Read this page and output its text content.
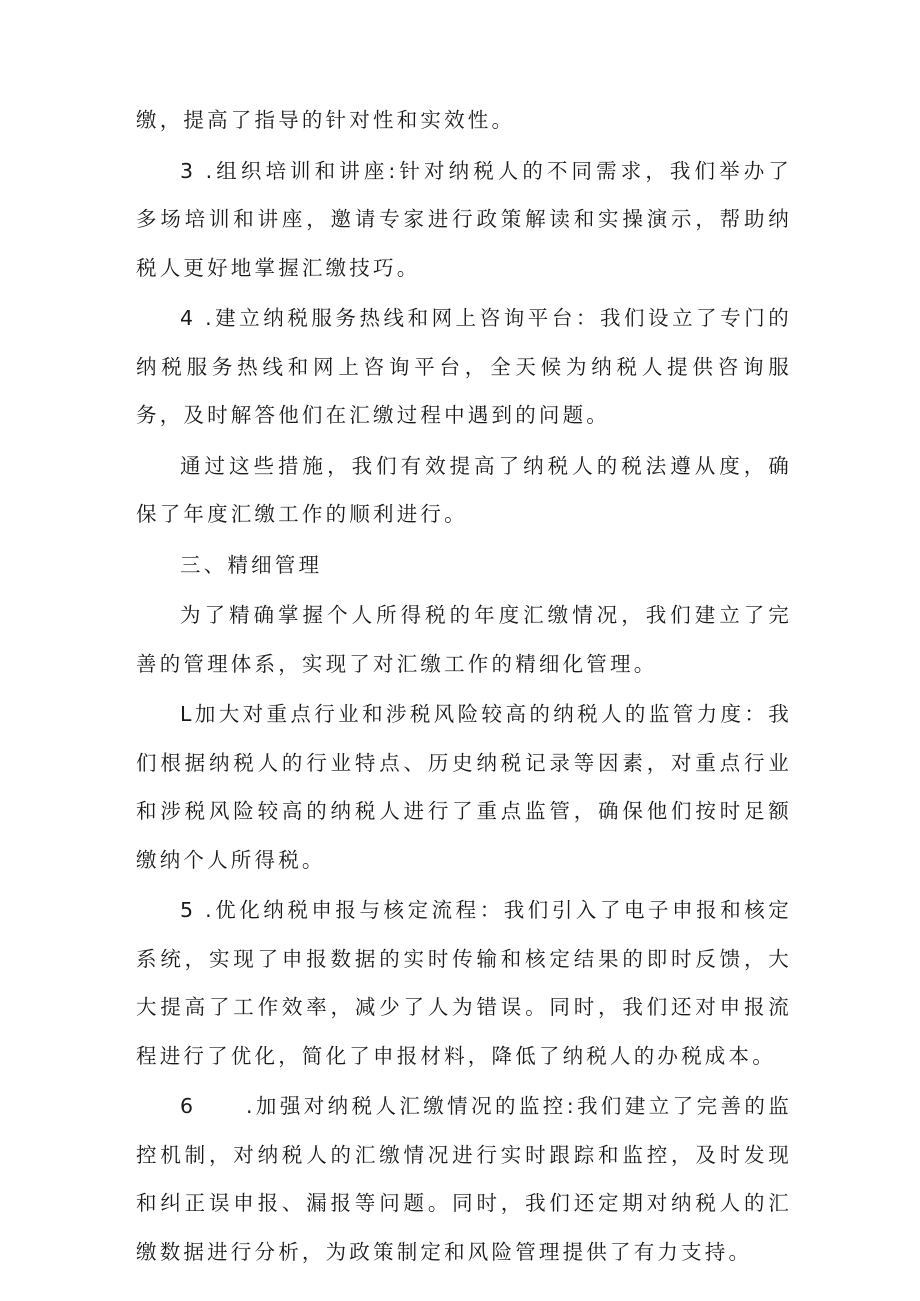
缴，提高了指导的针对性和实效性。

3 .组织培训和讲座:针对纳税人的不同需求，我们举办了多场培训和讲座，邀请专家进行政策解读和实操演示，帮助纳税人更好地掌握汇缴技巧。

4 .建立纳税服务热线和网上咨询平台：我们设立了专门的纳税服务热线和网上咨询平台，全天候为纳税人提供咨询服务，及时解答他们在汇缴过程中遇到的问题。

通过这些措施，我们有效提高了纳税人的税法遵从度，确保了年度汇缴工作的顺利进行。

三、精细管理

为了精确掌握个人所得税的年度汇缴情况，我们建立了完善的管理体系，实现了对汇缴工作的精细化管理。

L加大对重点行业和涉税风险较高的纳税人的监管力度：我们根据纳税人的行业特点、历史纳税记录等因素，对重点行业和涉税风险较高的纳税人进行了重点监管，确保他们按时足额缴纳个人所得税。

5 .优化纳税申报与核定流程：我们引入了电子申报和核定系统，实现了申报数据的实时传输和核定结果的即时反馈，大大提高了工作效率，减少了人为错误。同时，我们还对申报流程进行了优化，简化了申报材料，降低了纳税人的办税成本。

6 .加强对纳税人汇缴情况的监控:我们建立了完善的监控机制，对纳税人的汇缴情况进行实时跟踪和监控，及时发现和纠正误申报、漏报等问题。同时，我们还定期对纳税人的汇缴数据进行分析，为政策制定和风险管理提供了有力支持。
